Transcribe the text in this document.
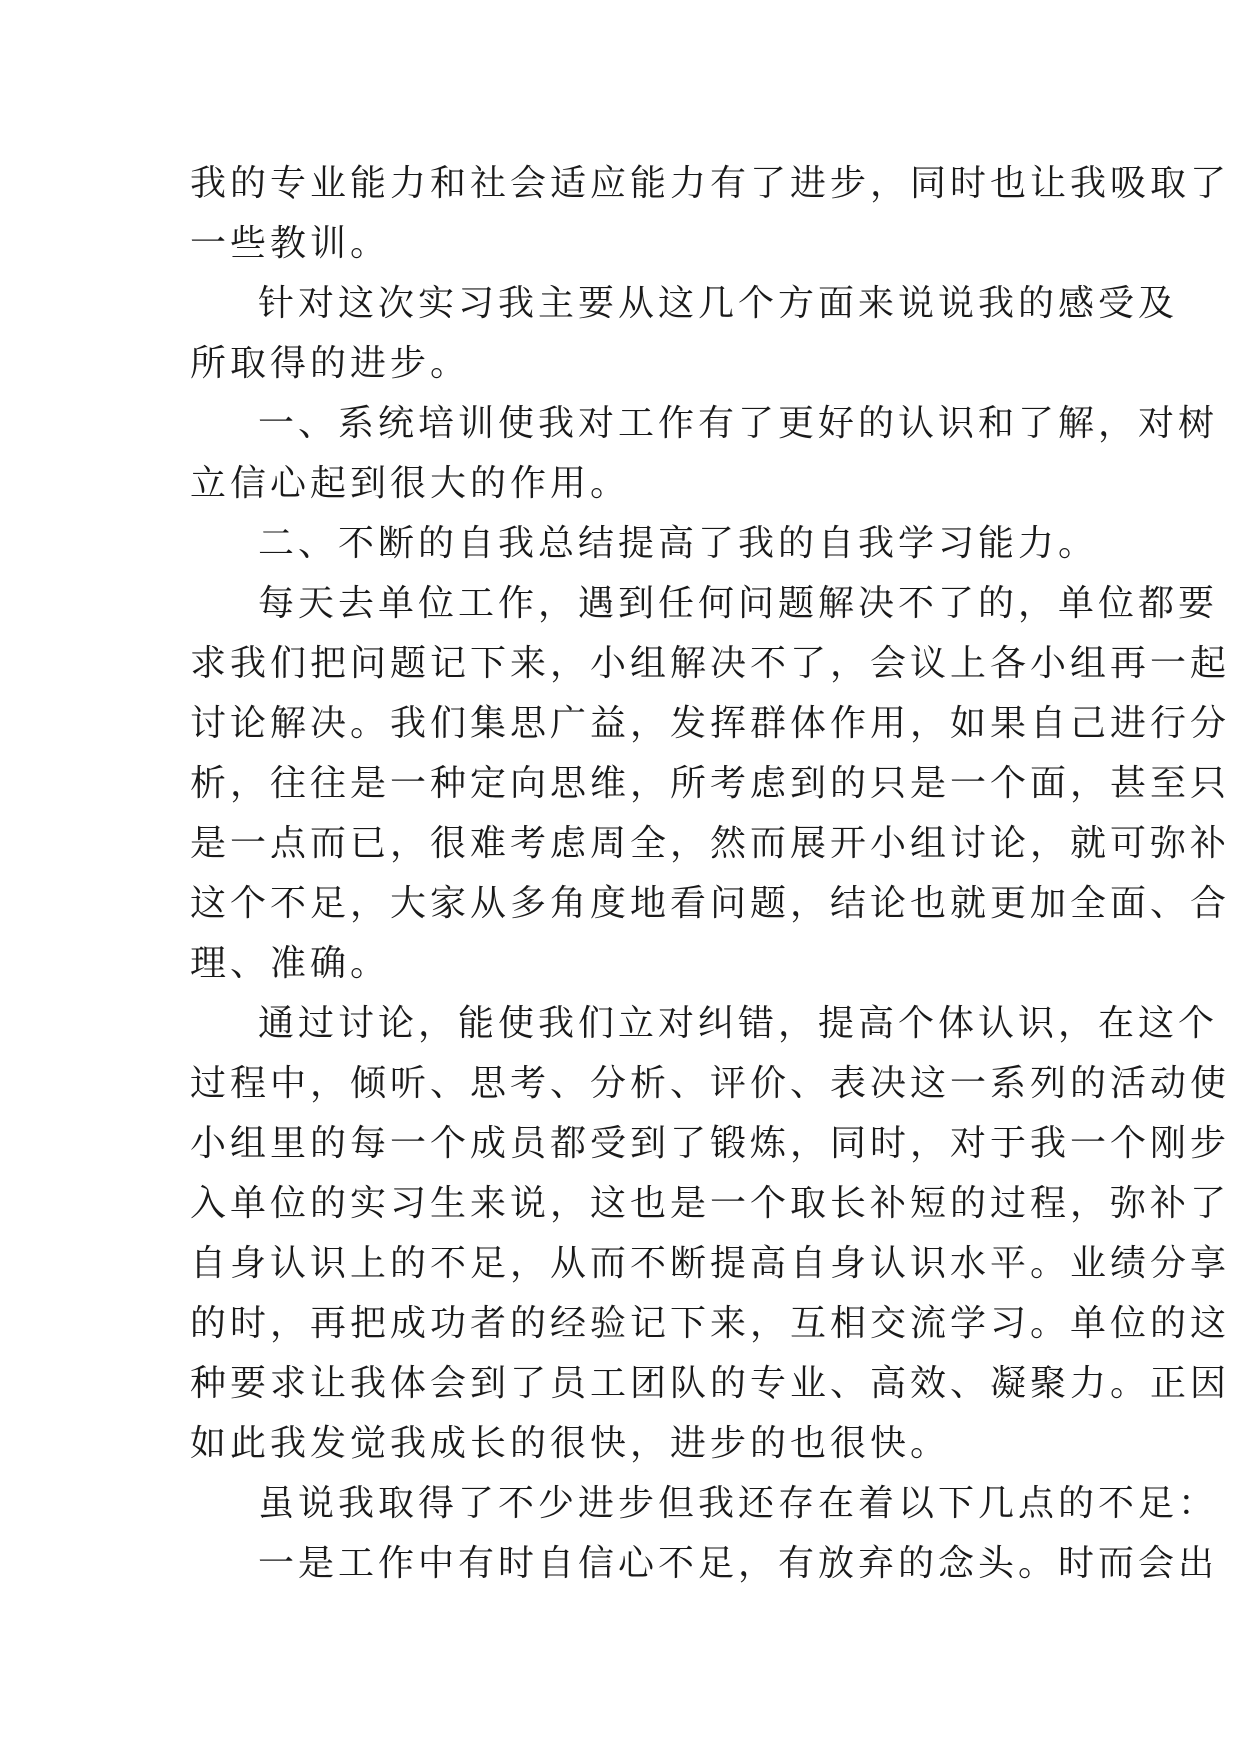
我的专业能力和社会适应能力有了进步，同时也让我吸取了
一些教训。
针对这次实习我主要从这几个方面来说说我的感受及
所取得的进步。
一、系统培训使我对工作有了更好的认识和了解，对树
立信心起到很大的作用。
二、不断的自我总结提高了我的自我学习能力。
每天去单位工作，遇到任何问题解决不了的，单位都要
求我们把问题记下来，小组解决不了，会议上各小组再一起
讨论解决。我们集思广益，发挥群体作用，如果自己进行分
析，往往是一种定向思维，所考虑到的只是一个面，甚至只
是一点而已，很难考虑周全，然而展开小组讨论，就可弥补
这个不足，大家从多角度地看问题，结论也就更加全面、合
理、准确。
通过讨论，能使我们立对纠错，提高个体认识，在这个
过程中，倾听、思考、分析、评价、表决这一系列的活动使
小组里的每一个成员都受到了锻炼，同时，对于我一个刚步
入单位的实习生来说，这也是一个取长补短的过程，弥补了
自身认识上的不足，从而不断提高自身认识水平。业绩分享
的时，再把成功者的经验记下来，互相交流学习。单位的这
种要求让我体会到了员工团队的专业、高效、凝聚力。正因
如此我发觉我成长的很快，进步的也很快。
虽说我取得了不少进步但我还存在着以下几点的不足：
一是工作中有时自信心不足，有放弃的念头。时而会出
